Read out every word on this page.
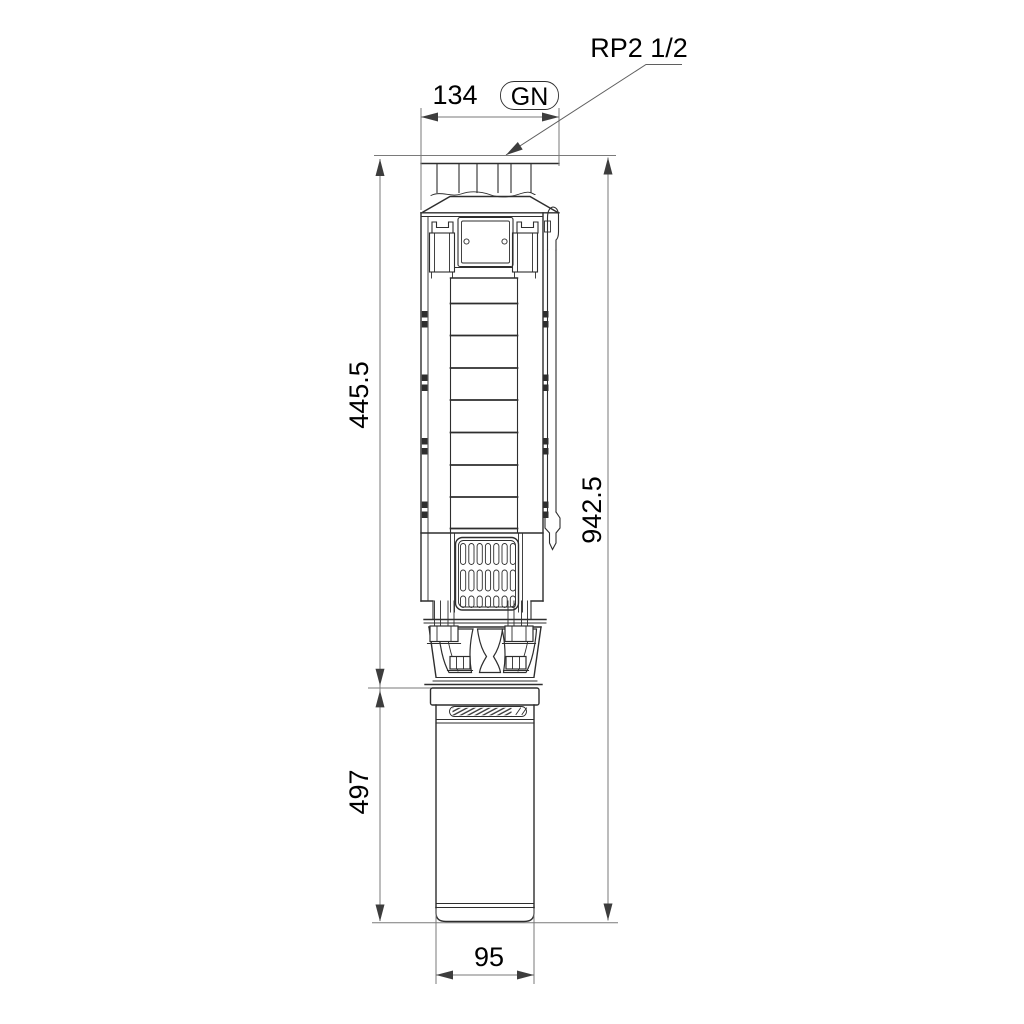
134 GN
RP2 1/2
445.5
497
942.5
95
